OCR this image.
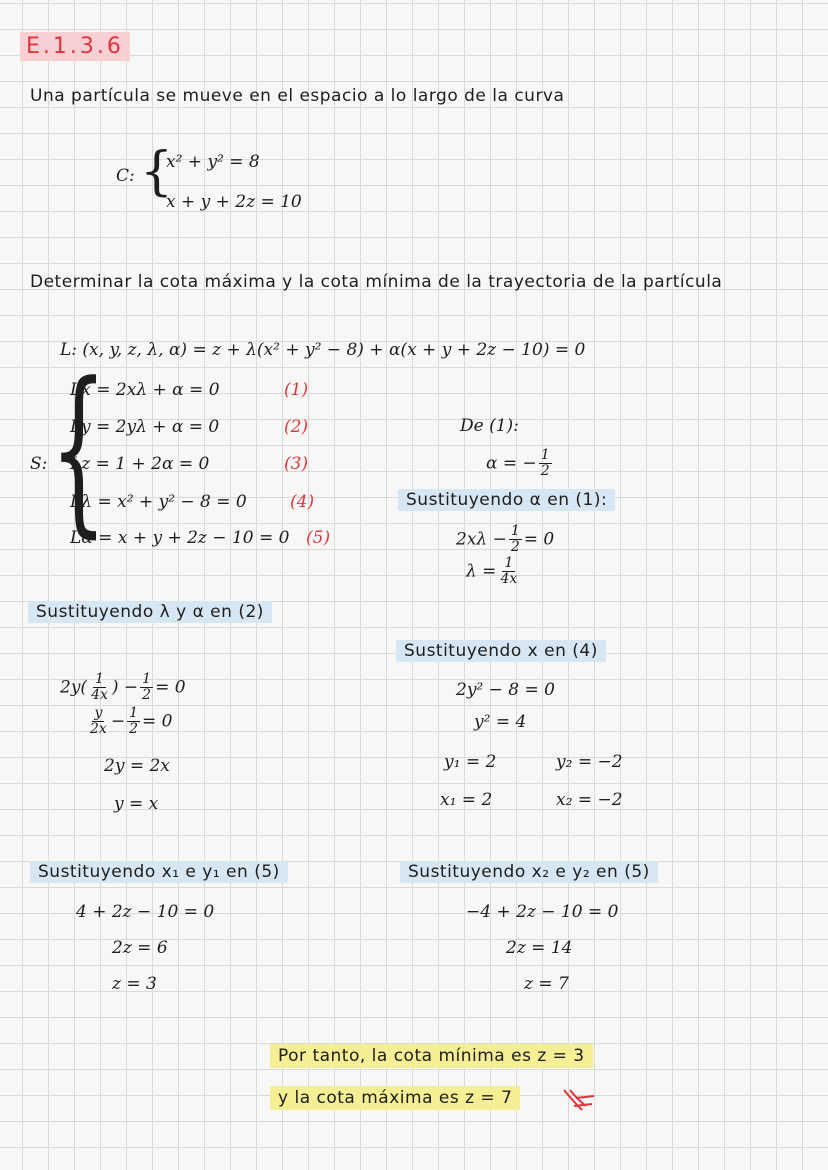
E.1.3.6
Una partícula se mueve en el espacio a lo largo de la curva
C: {
x² + y² = 8
x + y + 2z = 10
Determinar la cota máxima y la cota mínima de la trayectoria de la partícula
L: (x, y, z, λ, α) = z + λ(x² + y² − 8) + α(x + y + 2z − 10) = 0
S: {
Lx = 2xλ + α = 0	(1)
Ly = 2yλ + α = 0	(2)
Lz = 1 + 2α = 0	(3)
Lλ = x² + y² − 8 = 0	(4)
Lα = x + y + 2z − 10 = 0 (5)
De (1):
α = − $\frac{1}{2}$
Sustituyendo α en (1):
$2x\lambda - \frac{1}{2} = 0$
$\lambda = \frac{1}{4x}$
Sustituyendo λ y α en (2)
$2y( \frac{1}{4x}$ ) − $\frac{1}{2} = 0$
$\frac{y}{2x} - \frac{1}{2} = 0$
2y = 2x
y = x
Sustituyendo x en (4)
2y² − 8 = 0
y² = 4
y₁ = 2	y₂ = −2
x₁ = 2	x₂ = −2
Sustituyendo x₁ e y₁ en (5)
4 + 2z − 10 = 0
2z = 6
z = 3
Sustituyendo x₂ e y₂ en (5)
−4 + 2z − 10 = 0
2z = 14
z = 7
Por tanto, la cota mínima es z = 3
y la cota máxima es z = 7
